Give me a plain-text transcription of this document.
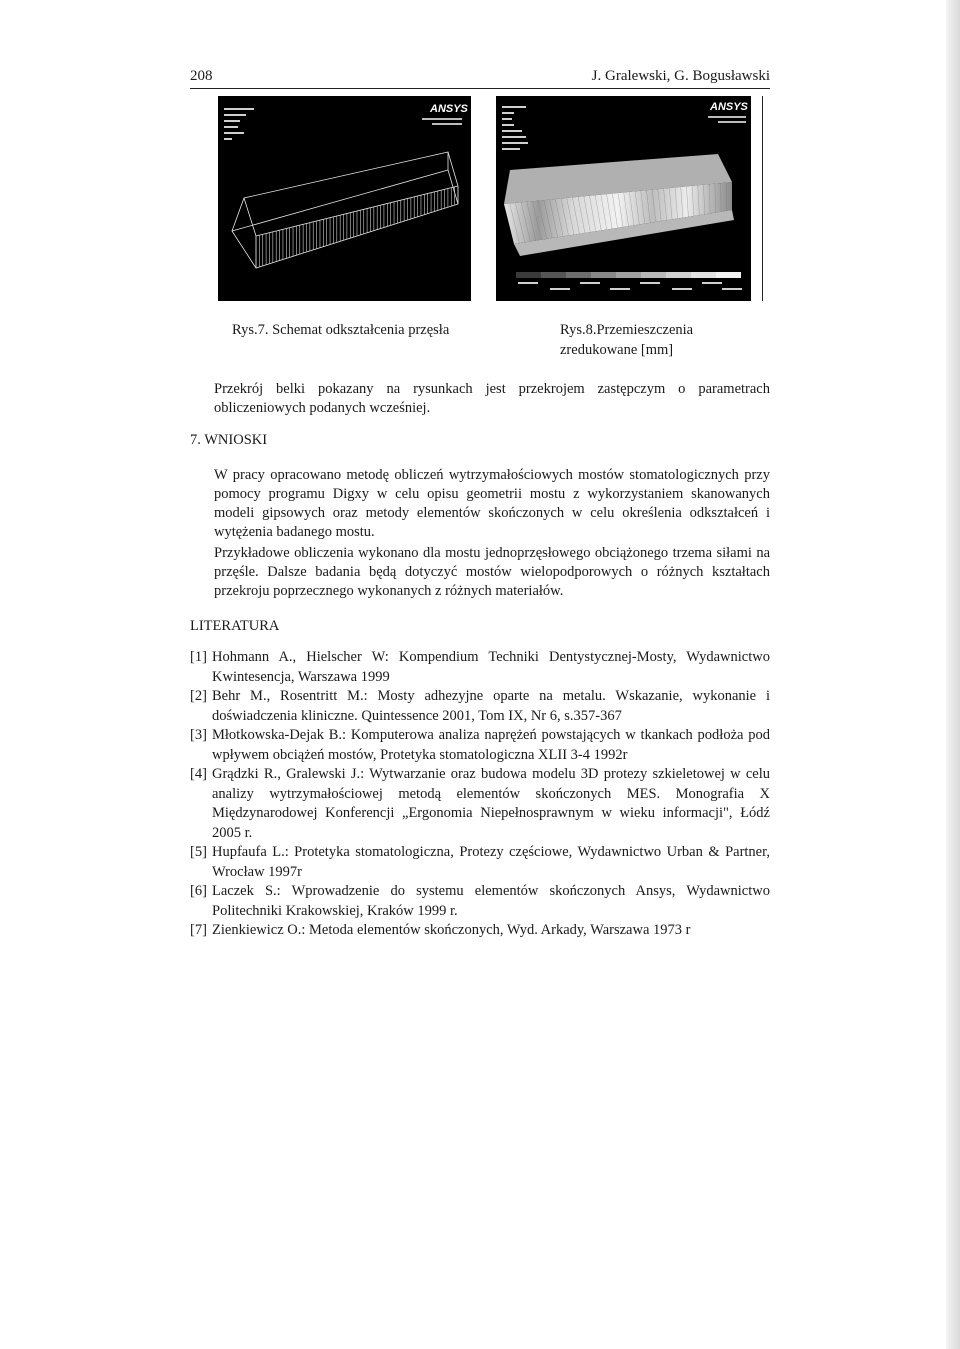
208	J. Gralewski, G. Bogusławski
ANSYS	ANSYS
Rys.7. Schemat odkształcenia przęsła	Rys.8.Przemieszczenia
zredukowane [mm]
Przekrój belki pokazany na rysunkach jest przekrojem zastępczym o parametrach obliczeniowych podanych wcześniej.
7. WNIOSKI
W pracy opracowano metodę obliczeń wytrzymałościowych mostów stomatologicznych przy pomocy programu Digxy w celu opisu geometrii mostu z wykorzystaniem skanowanych modeli gipsowych oraz metody elementów skończonych w celu określenia odkształceń i wytężenia badanego mostu.
Przykładowe obliczenia wykonano dla mostu jednoprzęsłowego obciążonego trzema siłami na przęśle. Dalsze badania będą dotyczyć mostów wielopodporowych o różnych kształtach przekroju poprzecznego wykonanych z różnych materiałów.
LITERATURA
[1] Hohmann A., Hielscher W: Kompendium Techniki Dentystycznej-Mosty, Wydawnictwo Kwintesencja, Warszawa 1999
[2] Behr M., Rosentritt M.: Mosty adhezyjne oparte na metalu. Wskazanie, wykonanie i doświadczenia kliniczne. Quintessence 2001, Tom IX, Nr 6, s.357-367
[3] Młotkowska-Dejak B.: Komputerowa analiza naprężeń powstających w tkankach podłoża pod wpływem obciążeń mostów, Protetyka stomatologiczna XLII 3-4 1992r
[4] Grądzki R., Gralewski J.: Wytwarzanie oraz budowa modelu 3D protezy szkieletowej w celu analizy wytrzymałościowej metodą elementów skończonych MES. Monografia X Międzynarodowej Konferencji „Ergonomia Niepełnosprawnym w wieku informacji", Łódź 2005 r.
[5] Hupfaufa L.: Protetyka stomatologiczna, Protezy częściowe, Wydawnictwo Urban & Partner, Wrocław 1997r
[6] Laczek S.: Wprowadzenie do systemu elementów skończonych Ansys, Wydawnictwo Politechniki Krakowskiej, Kraków 1999 r.
[7] Zienkiewicz O.: Metoda elementów skończonych, Wyd. Arkady, Warszawa 1973 r
